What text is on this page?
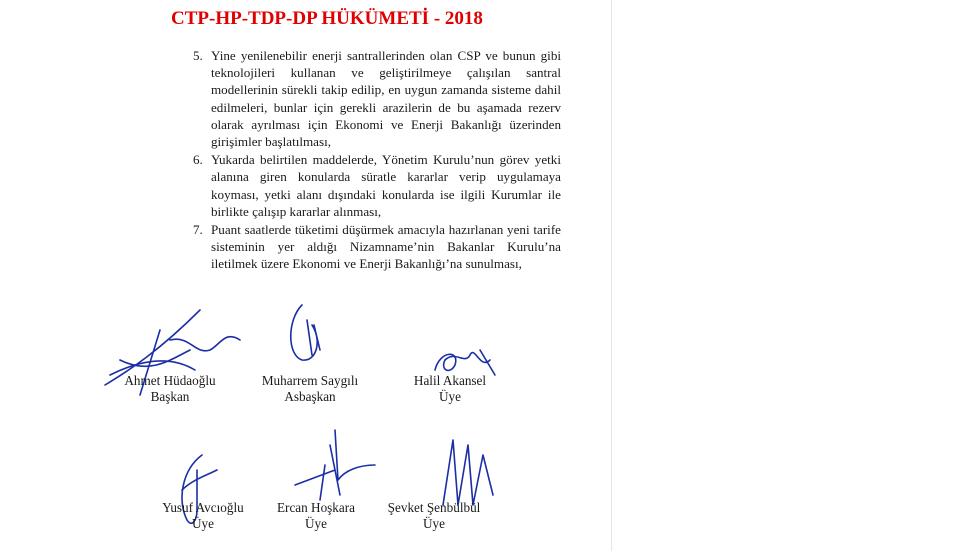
CTP-HP-TDP-DP HÜKÜMETİ - 2018
5. Yine yenilenebilir enerji santrallerinden olan CSP ve bunun gibi teknolojileri kullanan ve geliştirilmeye çalışılan santral modellerinin sürekli takip edilip, en uygun zamanda sisteme dahil edilmeleri, bunlar için gerekli arazilerin de bu aşamada rezerv olarak ayrılması için Ekonomi ve Enerji Bakanlığı üzerinden girişimler başlatılması,
6. Yukarda belirtilen maddelerde, Yönetim Kurulu’nun görev yetki alanına giren konularda süratle kararlar verip uygulamaya koyması, yetki alanı dışındaki konularda ise ilgili Kurumlar ile birlikte çalışıp kararlar alınması,
7. Puant saatlerde tüketimi düşürmek amacıyla hazırlanan yeni tarife sisteminin yer aldığı Nizamname’nin Bakanlar Kurulu’na iletilmek üzere Ekonomi ve Enerji Bakanlığı’na sunulması,
Ahmet Hüdaoğlu
Başkan
Muharrem Saygılı
Asbaşkan
Halil Akansel
Üye
Yusuf Avcıoğlu
Üye
Ercan Hoşkara
Üye
Şevket Şenbülbül
Üye
